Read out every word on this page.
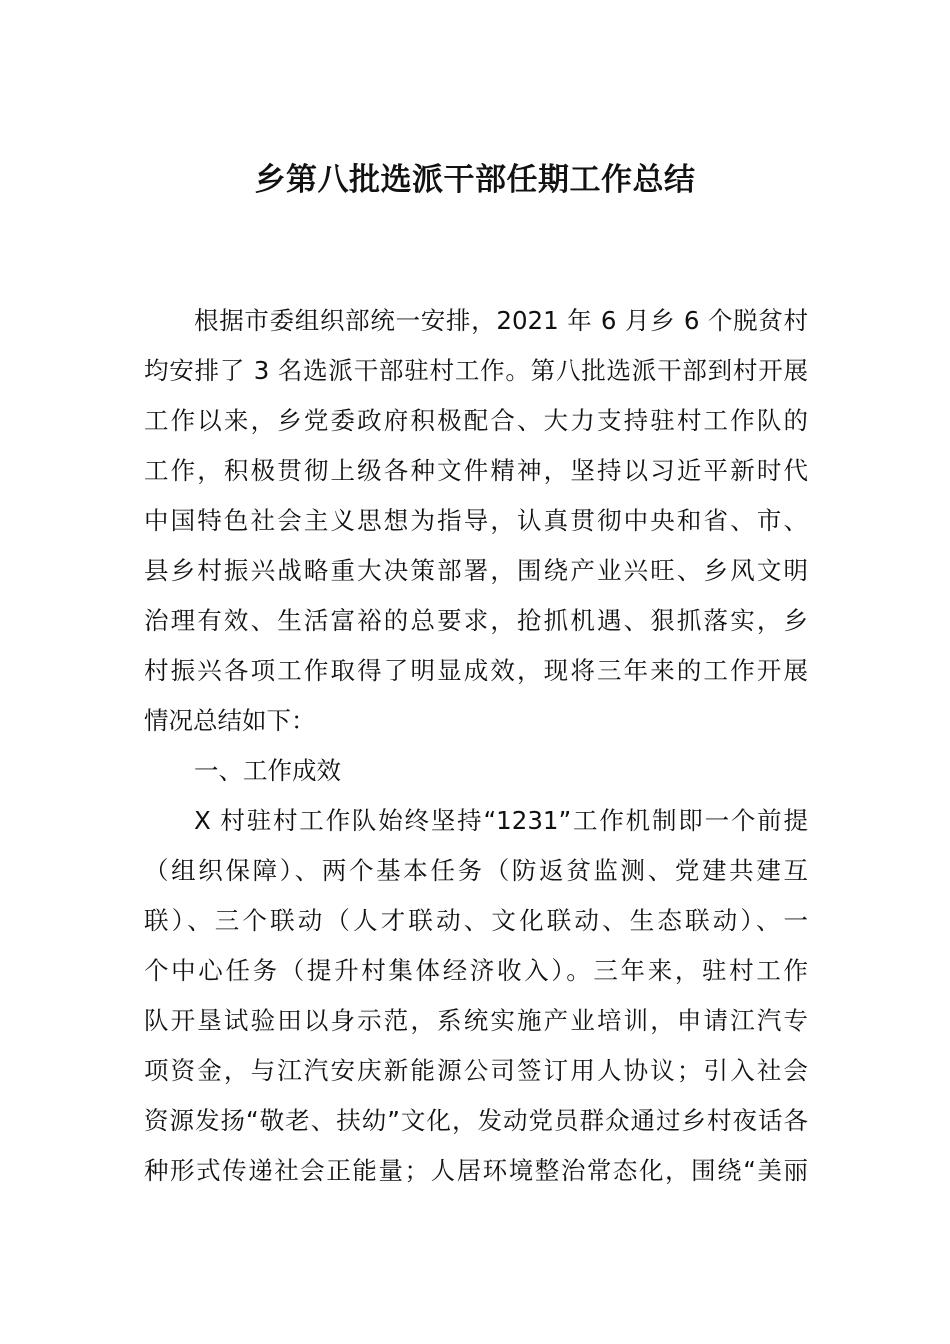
乡第八批选派干部任期工作总结
根据市委组织部统一安排，2021 年 6 月乡 6 个脱贫村
均安排了 3 名选派干部驻村工作。第八批选派干部到村开展
工作以来，乡党委政府积极配合、大力支持驻村工作队的
工作，积极贯彻上级各种文件精神，坚持以习近平新时代
中国特色社会主义思想为指导，认真贯彻中央和省、市、
县乡村振兴战略重大决策部署，围绕产业兴旺、乡风文明
治理有效、生活富裕的总要求，抢抓机遇、狠抓落实，乡
村振兴各项工作取得了明显成效，现将三年来的工作开展
情况总结如下：
一、工作成效
X 村驻村工作队始终坚持“1231”工作机制即一个前提
（组织保障）、两个基本任务（防返贫监测、党建共建互
联）、三个联动（人才联动、文化联动、生态联动）、一
个中心任务（提升村集体经济收入）。三年来，驻村工作
队开垦试验田以身示范，系统实施产业培训，申请江汽专
项资金，与江汽安庆新能源公司签订用人协议；引入社会
资源发扬“敬老、扶幼”文化，发动党员群众通过乡村夜话各
种形式传递社会正能量；人居环境整治常态化，围绕“美丽
